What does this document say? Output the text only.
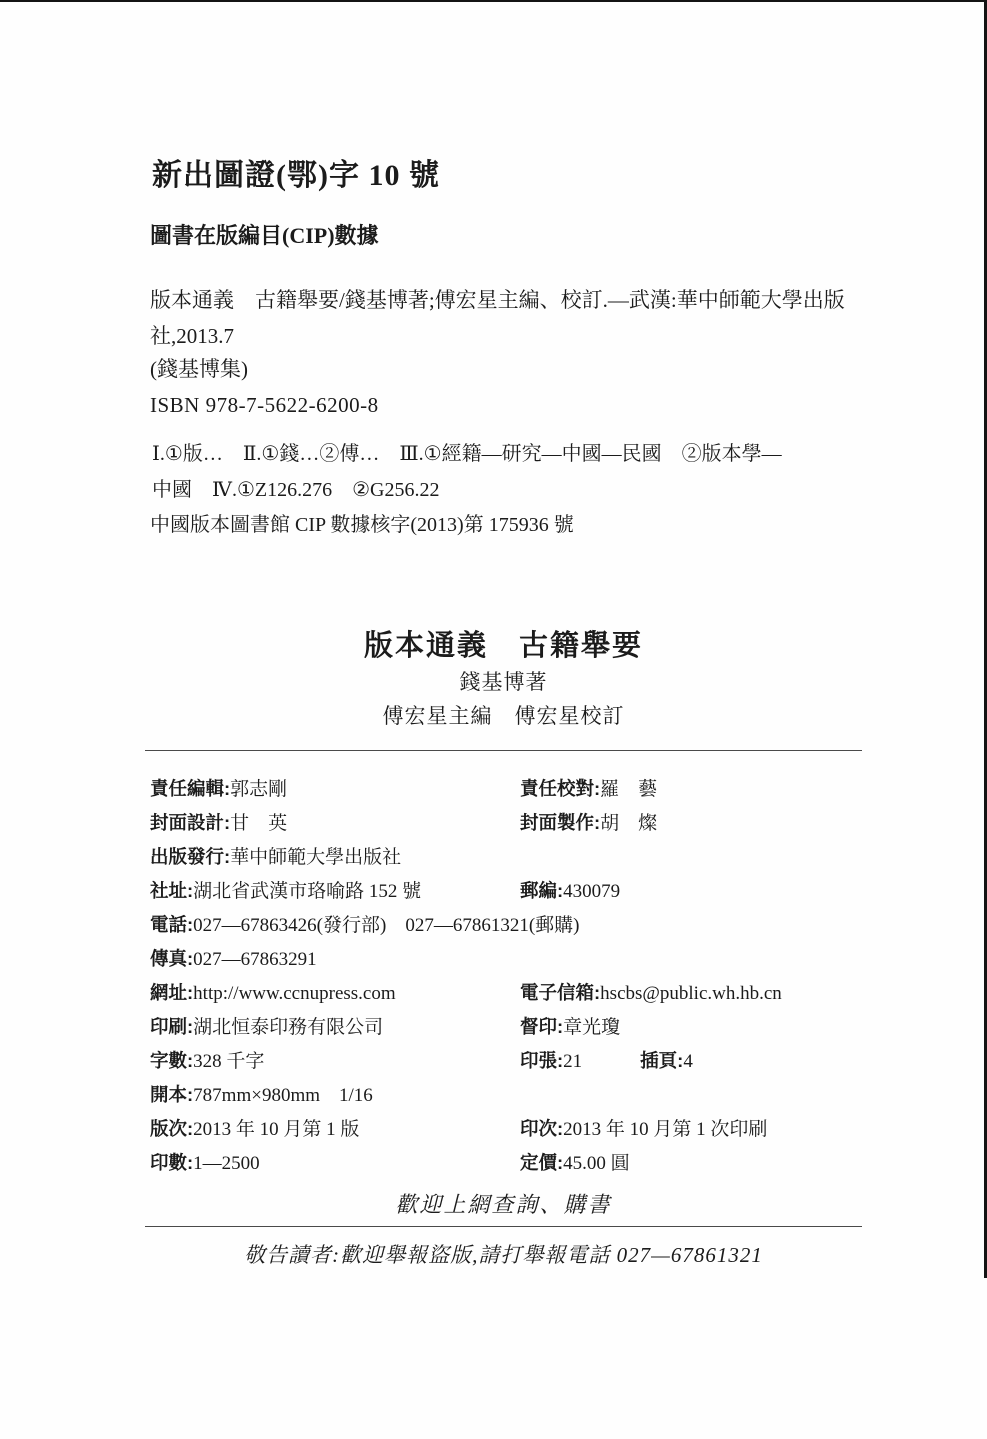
新出圖證(鄂)字 10 號
圖書在版編目(CIP)數據
版本通義　古籍舉要/錢基博著;傅宏星主編、校訂.—武漢:華中師範大學出版
社,2013.7
(錢基博集)
ISBN 978-7-5622-6200-8
Ⅰ.①版…　Ⅱ.①錢…②傅…　Ⅲ.①經籍—研究—中國—民國　②版本學—
中國　Ⅳ.①Z126.276　②G256.22
中國版本圖書館 CIP 數據核字(2013)第 175936 號
版本通義　古籍舉要
錢基博著
傅宏星主編　傅宏星校訂
責任編輯:郭志剛	責任校對:羅　藝
封面設計:甘　英	封面製作:胡　燦
出版發行:華中師範大學出版社
社址:湖北省武漢市珞喻路 152 號	郵編:430079
電話:027—67863426(發行部)　027—67861321(郵購)
傳真:027—67863291
網址:http://www.ccnupress.com	電子信箱:hscbs@public.wh.hb.cn
印刷:湖北恒泰印務有限公司	督印:章光瓊
字數:328 千字	印張:21	插頁:4
開本:787mm×980mm　1/16
版次:2013 年 10 月第 1 版	印次:2013 年 10 月第 1 次印刷
印數:1—2500	定價:45.00 圓
歡迎上網查詢、購書
敬告讀者:歡迎舉報盜版,請打舉報電話 027—67861321
